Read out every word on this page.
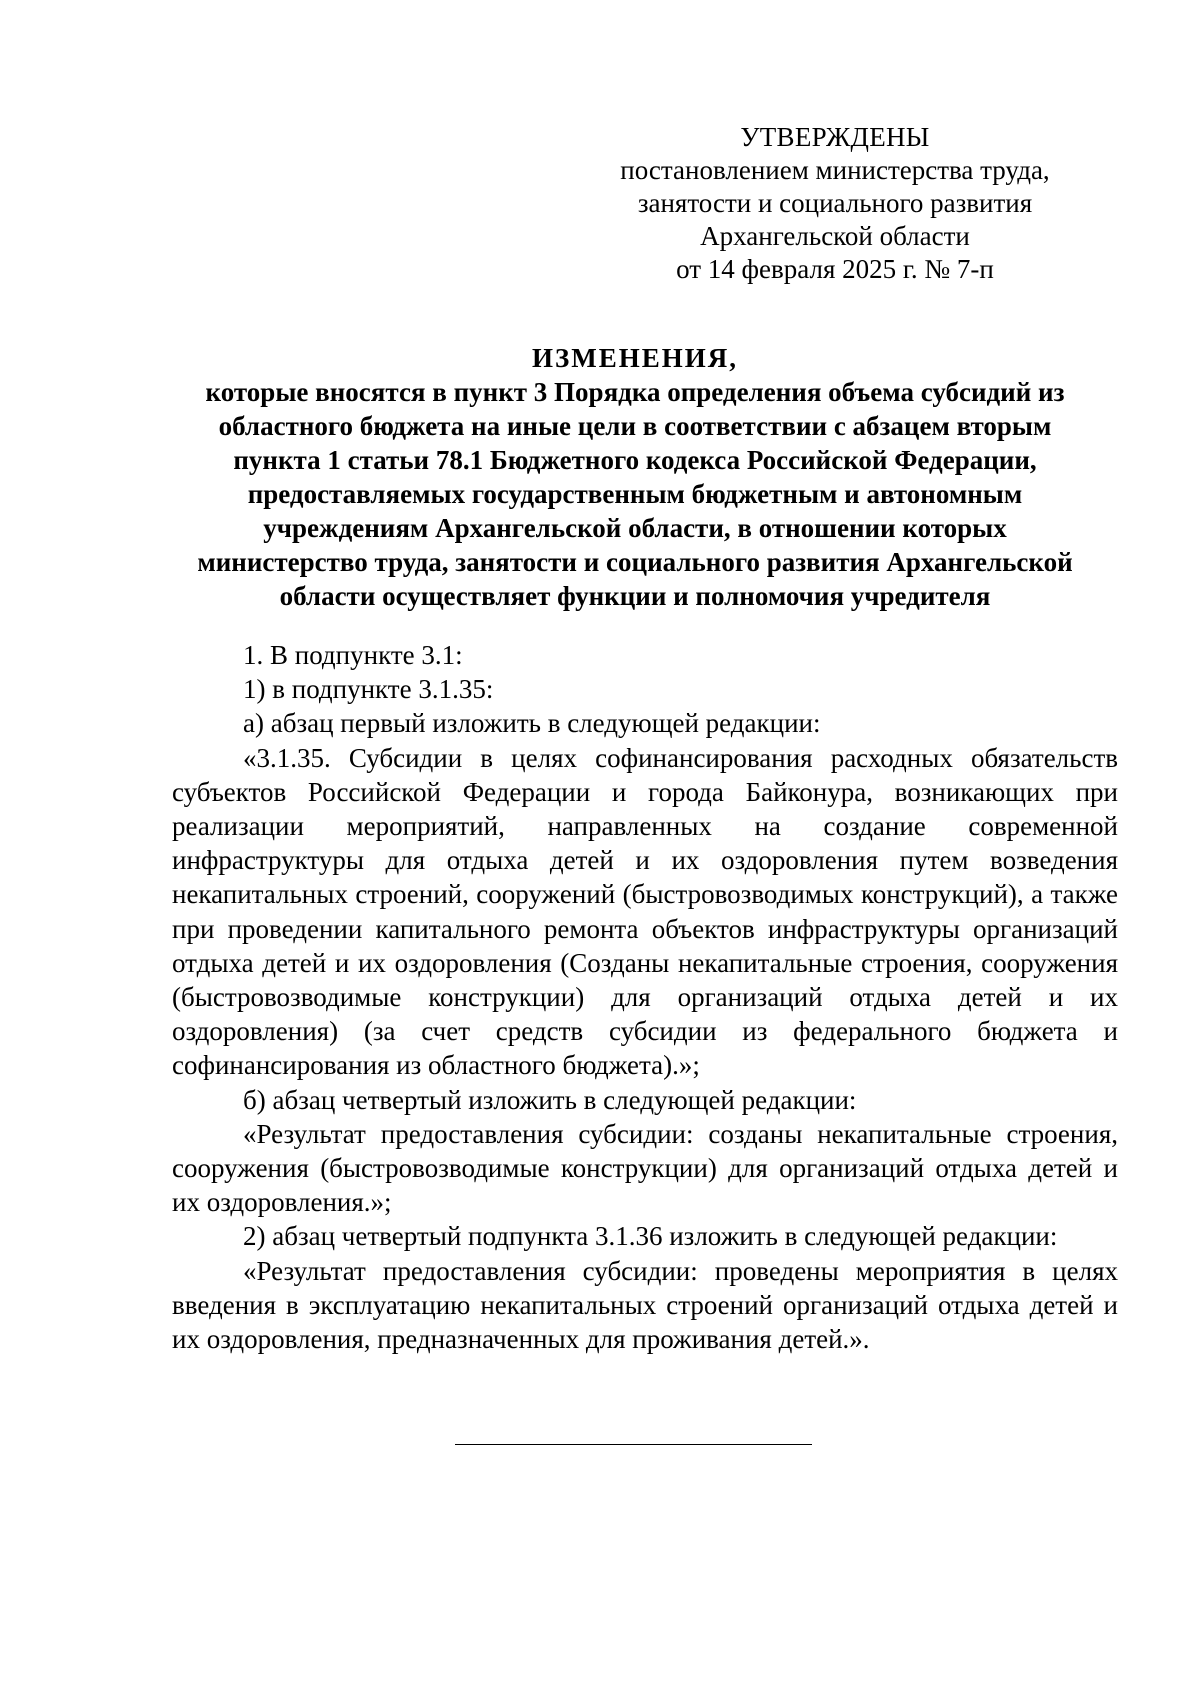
УТВЕРЖДЕНЫ
постановлением министерства труда,
занятости и социального развития
Архангельской области
от 14 февраля 2025 г. № 7-п
ИЗМЕНЕНИЯ,
которые вносятся в пункт 3 Порядка определения объема субсидий из
областного бюджета на иные цели в соответствии с абзацем вторым
пункта 1 статьи 78.1 Бюджетного кодекса Российской Федерации,
предоставляемых государственным бюджетным и автономным
учреждениям Архангельской области, в отношении которых
министерство труда, занятости и социального развития Архангельской
области осуществляет функции и полномочия учредителя

1. В подпункте 3.1:

1) в подпункте 3.1.35:

а) абзац первый изложить в следующей редакции:

«3.1.35. Субсидии в целях софинансирования расходных обязательств субъектов Российской Федерации и города Байконура, возникающих при реализации мероприятий, направленных на создание современной инфраструктуры для отдыха детей и их оздоровления путем возведения некапитальных строений, сооружений (быстровозводимых конструкций), а также при проведении капитального ремонта объектов инфраструктуры организаций отдыха детей и их оздоровления (Созданы некапитальные строения, сооружения (быстровозводимые конструкции) для организаций отдыха детей и их оздоровления) (за счет средств субсидии из федерального бюджета и софинансирования из областного бюджета).»;

б) абзац четвертый изложить в следующей редакции:

«Результат предоставления субсидии: созданы некапитальные строения, сооружения (быстровозводимые конструкции) для организаций отдыха детей и их оздоровления.»;

2) абзац четвертый подпункта 3.1.36 изложить в следующей редакции:

«Результат предоставления субсидии: проведены мероприятия в целях введения в эксплуатацию некапитальных строений организаций отдыха детей и их оздоровления, предназначенных для проживания детей.».
